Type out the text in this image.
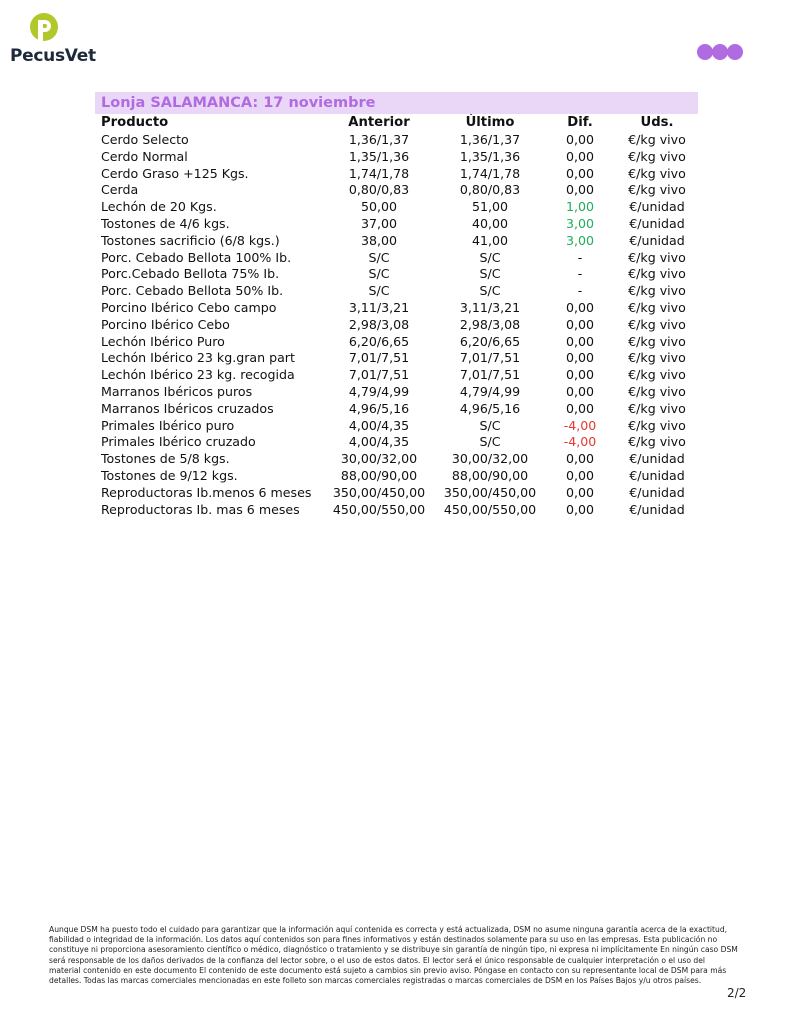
PecusVet
Lonja SALAMANCA: 17 noviembre				
Producto	Anterior	Último	Dif.	Uds.
Cerdo Selecto	1,36/1,37	1,36/1,37	0,00	€/kg vivo
Cerdo Normal	1,35/1,36	1,35/1,36	0,00	€/kg vivo
Cerdo Graso +125 Kgs.	1,74/1,78	1,74/1,78	0,00	€/kg vivo
Cerda	0,80/0,83	0,80/0,83	0,00	€/kg vivo
Lechón de 20 Kgs.	50,00	51,00	1,00	€/unidad
Tostones de 4/6 kgs.	37,00	40,00	3,00	€/unidad
Tostones sacrificio (6/8 kgs.)	38,00	41,00	3,00	€/unidad
Porc. Cebado Bellota 100% Ib.	S/C	S/C	-	€/kg vivo
Porc.Cebado Bellota 75% Ib.	S/C	S/C	-	€/kg vivo
Porc. Cebado Bellota 50% Ib.	S/C	S/C	-	€/kg vivo
Porcino Ibérico Cebo campo	3,11/3,21	3,11/3,21	0,00	€/kg vivo
Porcino Ibérico Cebo	2,98/3,08	2,98/3,08	0,00	€/kg vivo
Lechón Ibérico Puro	6,20/6,65	6,20/6,65	0,00	€/kg vivo
Lechón Ibérico 23 kg.gran part	7,01/7,51	7,01/7,51	0,00	€/kg vivo
Lechón Ibérico 23 kg. recogida	7,01/7,51	7,01/7,51	0,00	€/kg vivo
Marranos Ibéricos puros	4,79/4,99	4,79/4,99	0,00	€/kg vivo
Marranos Ibéricos cruzados	4,96/5,16	4,96/5,16	0,00	€/kg vivo
Primales Ibérico puro	4,00/4,35	S/C	-4,00	€/kg vivo
Primales Ibérico cruzado	4,00/4,35	S/C	-4,00	€/kg vivo
Tostones de 5/8 kgs.	30,00/32,00	30,00/32,00	0,00	€/unidad
Tostones de 9/12 kgs.	88,00/90,00	88,00/90,00	0,00	€/unidad
Reproductoras Ib.menos 6 meses	350,00/450,00	350,00/450,00	0,00	€/unidad
Reproductoras Ib. mas 6 meses	450,00/550,00	450,00/550,00	0,00	€/unidad
Aunque DSM ha puesto todo el cuidado para garantizar que la información aquí contenida es correcta y está actualizada, DSM no asume ninguna garantía acerca de la exactitud, fiabilidad o integridad de la información. Los datos aquí contenidos son para fines informativos y están destinados solamente para su uso en las empresas. Esta publicación no constituye ni proporciona asesoramiento científico o médico, diagnóstico o tratamiento y se distribuye sin garantía de ningún tipo, ni expresa ni implícitamente En ningún caso DSM será responsable de los daños derivados de la confianza del lector sobre, o el uso de estos datos. El lector será el único responsable de cualquier interpretación o el uso del material contenido en este documento El contenido de este documento está sujeto a cambios sin previo aviso. Póngase en contacto con su representante local de DSM para más detalles. Todas las marcas comerciales mencionadas en este folleto son marcas comerciales registradas o marcas comerciales de DSM en los Países Bajos y/u otros países.
2/2
